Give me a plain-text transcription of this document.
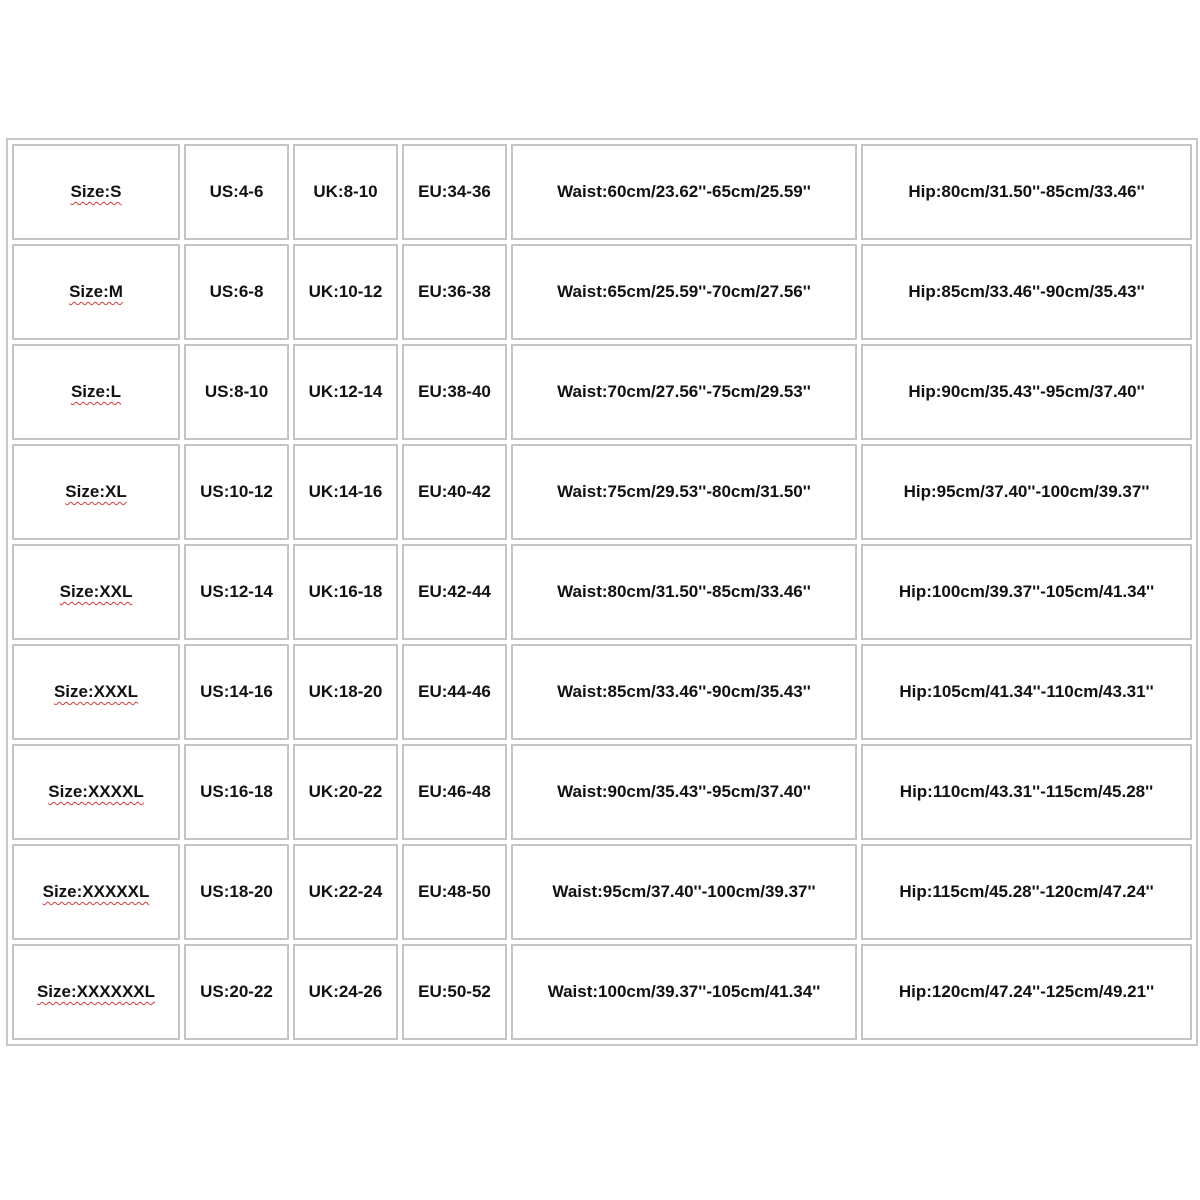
Size:S	US:4-6	UK:8-10	EU:34-36	Waist:60cm/23.62''-65cm/25.59''	Hip:80cm/31.50''-85cm/33.46''
Size:M	US:6-8	UK:10-12	EU:36-38	Waist:65cm/25.59''-70cm/27.56''	Hip:85cm/33.46''-90cm/35.43''
Size:L	US:8-10	UK:12-14	EU:38-40	Waist:70cm/27.56''-75cm/29.53''	Hip:90cm/35.43''-95cm/37.40''
Size:XL	US:10-12	UK:14-16	EU:40-42	Waist:75cm/29.53''-80cm/31.50''	Hip:95cm/37.40''-100cm/39.37''
Size:XXL	US:12-14	UK:16-18	EU:42-44	Waist:80cm/31.50''-85cm/33.46''	Hip:100cm/39.37''-105cm/41.34''
Size:XXXL	US:14-16	UK:18-20	EU:44-46	Waist:85cm/33.46''-90cm/35.43''	Hip:105cm/41.34''-110cm/43.31''
Size:XXXXL	US:16-18	UK:20-22	EU:46-48	Waist:90cm/35.43''-95cm/37.40''	Hip:110cm/43.31''-115cm/45.28''
Size:XXXXXL	US:18-20	UK:22-24	EU:48-50	Waist:95cm/37.40''-100cm/39.37''	Hip:115cm/45.28''-120cm/47.24''
Size:XXXXXXL	US:20-22	UK:24-26	EU:50-52	Waist:100cm/39.37''-105cm/41.34''	Hip:120cm/47.24''-125cm/49.21''
